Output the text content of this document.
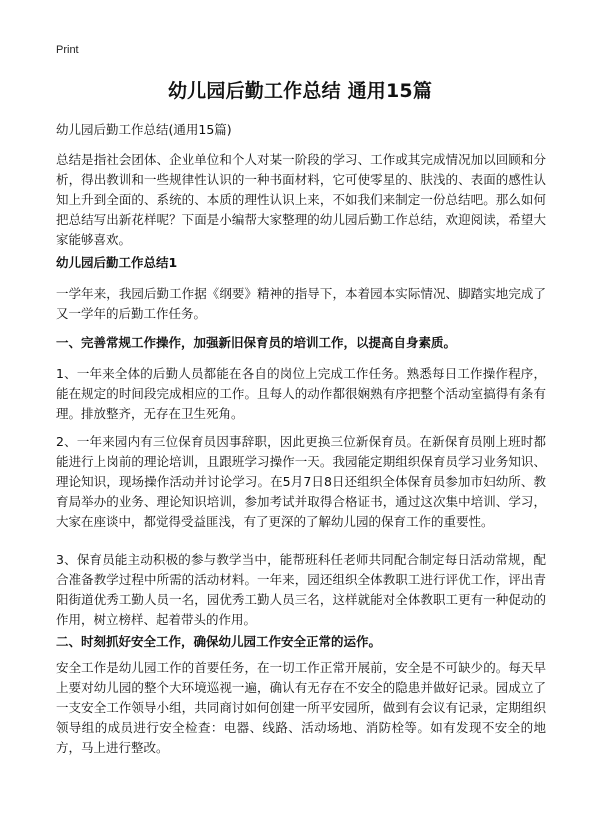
Print
幼儿园后勤工作总结 通用15篇
幼儿园后勤工作总结(通用15篇)
总结是指社会团体、企业单位和个人对某一阶段的学习、工作或其完成情况加以回顾和分析，得出教训和一些规律性认识的一种书面材料，它可使零星的、肤浅的、表面的感性认知上升到全面的、系统的、本质的理性认识上来，不如我们来制定一份总结吧。那么如何把总结写出新花样呢？下面是小编帮大家整理的幼儿园后勤工作总结，欢迎阅读，希望大家能够喜欢。
幼儿园后勤工作总结1
一学年来，我园后勤工作据《纲要》精神的指导下，本着园本实际情况、脚踏实地完成了又一学年的后勤工作任务。
一、完善常规工作操作，加强新旧保育员的培训工作，以提高自身素质。
1、一年来全体的后勤人员都能在各自的岗位上完成工作任务。熟悉每日工作操作程序，能在规定的时间段完成相应的工作。且每人的动作都很娴熟有序把整个活动室搞得有条有理。排放整齐，无存在卫生死角。
2、一年来园内有三位保育员因事辞职，因此更换三位新保育员。在新保育员刚上班时都能进行上岗前的理论培训，且跟班学习操作一天。我园能定期组织保育员学习业务知识、理论知识，现场操作活动并讨论学习。在5月7日8日还组织全体保育员参加市妇幼所、教育局举办的业务、理论知识培训，参加考试并取得合格证书，通过这次集中培训、学习，大家在座谈中，都觉得受益匪浅，有了更深的了解幼儿园的保育工作的重要性。
3、保育员能主动积极的参与教学当中，能帮班科任老师共同配合制定每日活动常规，配合准备教学过程中所需的活动材料。一年来，园还组织全体教职工进行评优工作，评出青阳街道优秀工勤人员一名，园优秀工勤人员三名，这样就能对全体教职工更有一种促动的作用，树立榜样、起着带头的作用。
二、时刻抓好安全工作，确保幼儿园工作安全正常的运作。
安全工作是幼儿园工作的首要任务，在一切工作正常开展前，安全是不可缺少的。每天早上要对幼儿园的整个大环境巡视一遍，确认有无存在不安全的隐患并做好记录。园成立了一支安全工作领导小组，共同商讨如何创建一所平安园所，做到有会议有记录，定期组织领导组的成员进行安全检查：电器、线路、活动场地、消防栓等。如有发现不安全的地方，马上进行整改。
